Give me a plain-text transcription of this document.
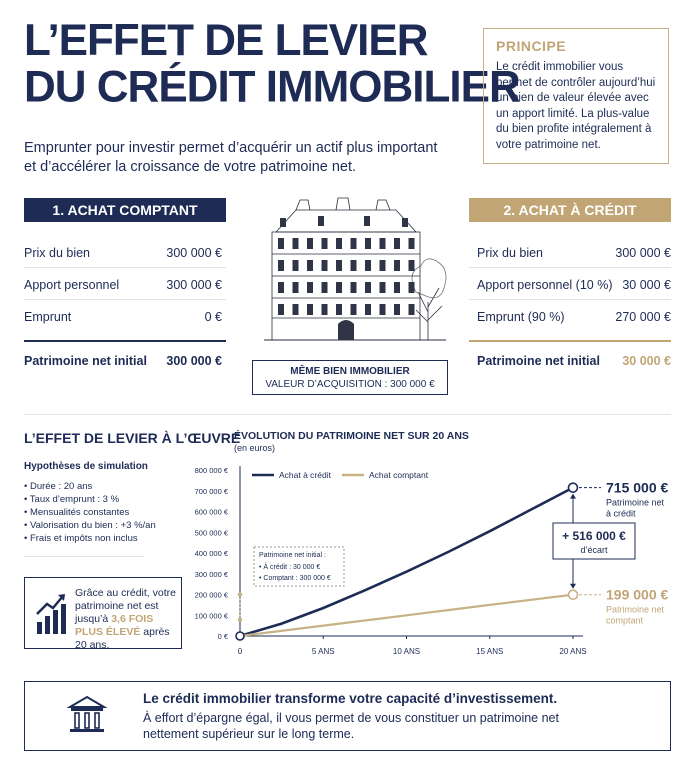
L’EFFET DE LEVIER
DU CRÉDIT IMMOBILIER
Emprunter pour investir permet d’acquérir un actif plus important et d’accélérer la croissance de votre patrimoine net.
PRINCIPE
Le crédit immobilier vous permet de contrôler aujourd’hui un bien de valeur élevée avec un apport limité. La plus-value du bien profite intégralement à votre patrimoine net.
1. ACHAT COMPTANT
Prix du bien	300 000 €
Apport personnel	300 000 €
Emprunt	0 €
Patrimoine net initial 300 000 €
2. ACHAT À CRÉDIT
Prix du bien	300 000 €
Apport personnel (10 %) 30 000 €
Emprunt (90 %)	270 000 €
Patrimoine net initial 30 000 €
MÊME BIEN IMMOBILIER
VALEUR D’ACQUISITION : 300 000 €
L’EFFET DE LEVIER À L’ŒUVRE
Hypothèses de simulation
• Durée : 20 ans
• Taux d’emprunt : 3 %
• Mensualités constantes
• Valorisation du bien : +3 %/an
• Frais et impôts non inclus
Grâce au crédit, votre patrimoine net est jusqu’à 3,6 FOIS PLUS ÉLEVÉ après 20 ans.
ÉVOLUTION DU PATRIMOINE NET SUR 20 ANS
(en euros)
0 €
100 000 €
200 000 €
300 000 €
400 000 €
500 000 €
600 000 €
700 000 €
800 000 €
0	5 ANS	10 ANS	15 ANS	20 ANS
Achat à crédit	Achat comptant
+ 516 000 €
d’écart
715 000 €
Patrimoine net
à crédit
199 000 €
Patrimoine net
comptant
Patrimoine net initial :
• À crédit : 30 000 €
• Comptant : 300 000 €
Le crédit immobilier transforme votre capacité d’investissement.
À effort d’épargne égal, il vous permet de vous constituer un patrimoine net nettement supérieur sur le long terme.
